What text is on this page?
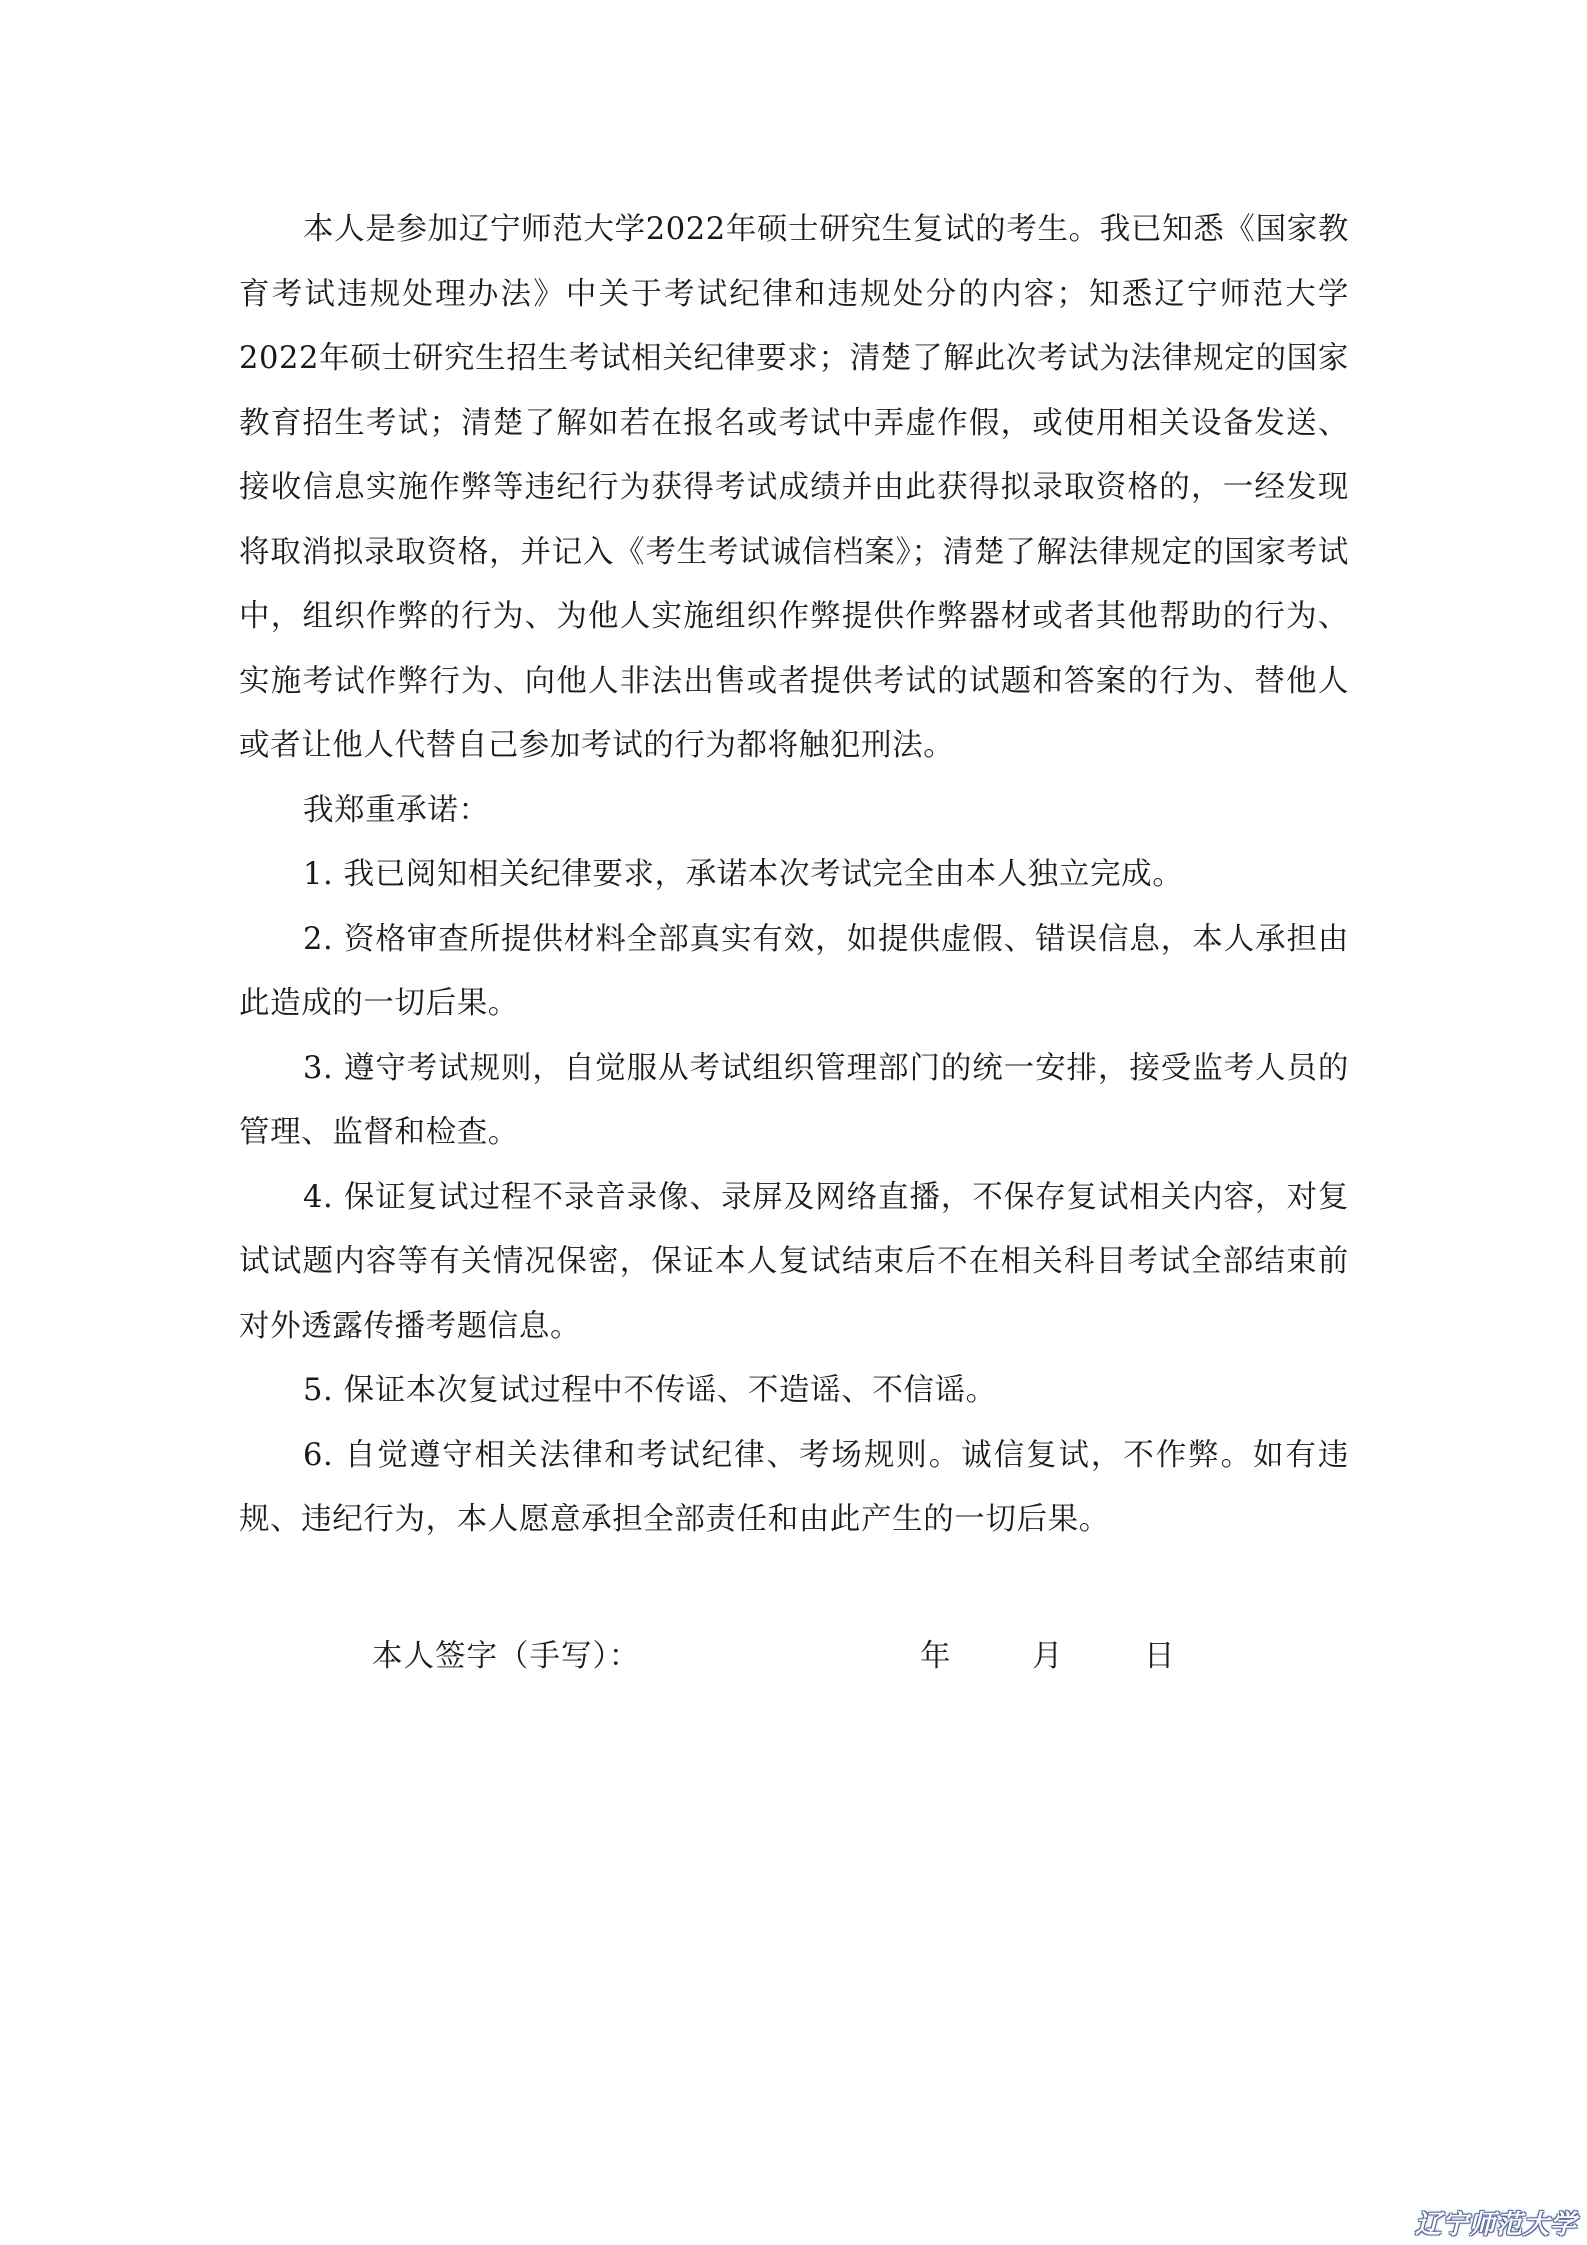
本人是参加辽宁师范大学2022年硕士研究生复试的考生。我已知悉《国家教育考试违规处理办法》中关于考试纪律和违规处分的内容；知悉辽宁师范大学2022年硕士研究生招生考试相关纪律要求；清楚了解此次考试为法律规定的国家教育招生考试；清楚了解如若在报名或考试中弄虚作假，或使用相关设备发送、接收信息实施作弊等违纪行为获得考试成绩并由此获得拟录取资格的，一经发现将取消拟录取资格，并记入《考生考试诚信档案》；清楚了解法律规定的国家考试中，组织作弊的行为、为他人实施组织作弊提供作弊器材或者其他帮助的行为、实施考试作弊行为、向他人非法出售或者提供考试的试题和答案的行为、替他人或者让他人代替自己参加考试的行为都将触犯刑法。

我郑重承诺：

1. 我已阅知相关纪律要求，承诺本次考试完全由本人独立完成。

2. 资格审查所提供材料全部真实有效，如提供虚假、错误信息，本人承担由此造成的一切后果。

3. 遵守考试规则，自觉服从考试组织管理部门的统一安排，接受监考人员的管理、监督和检查。

4. 保证复试过程不录音录像、录屏及网络直播，不保存复试相关内容，对复试试题内容等有关情况保密，保证本人复试结束后不在相关科目考试全部结束前对外透露传播考题信息。

5. 保证本次复试过程中不传谣、不造谣、不信谣。

6. 自觉遵守相关法律和考试纪律、考场规则。诚信复试，不作弊。如有违规、违纪行为，本人愿意承担全部责任和由此产生的一切后果。

本人签字（手写）：	年	月	日
辽宁师范大学
